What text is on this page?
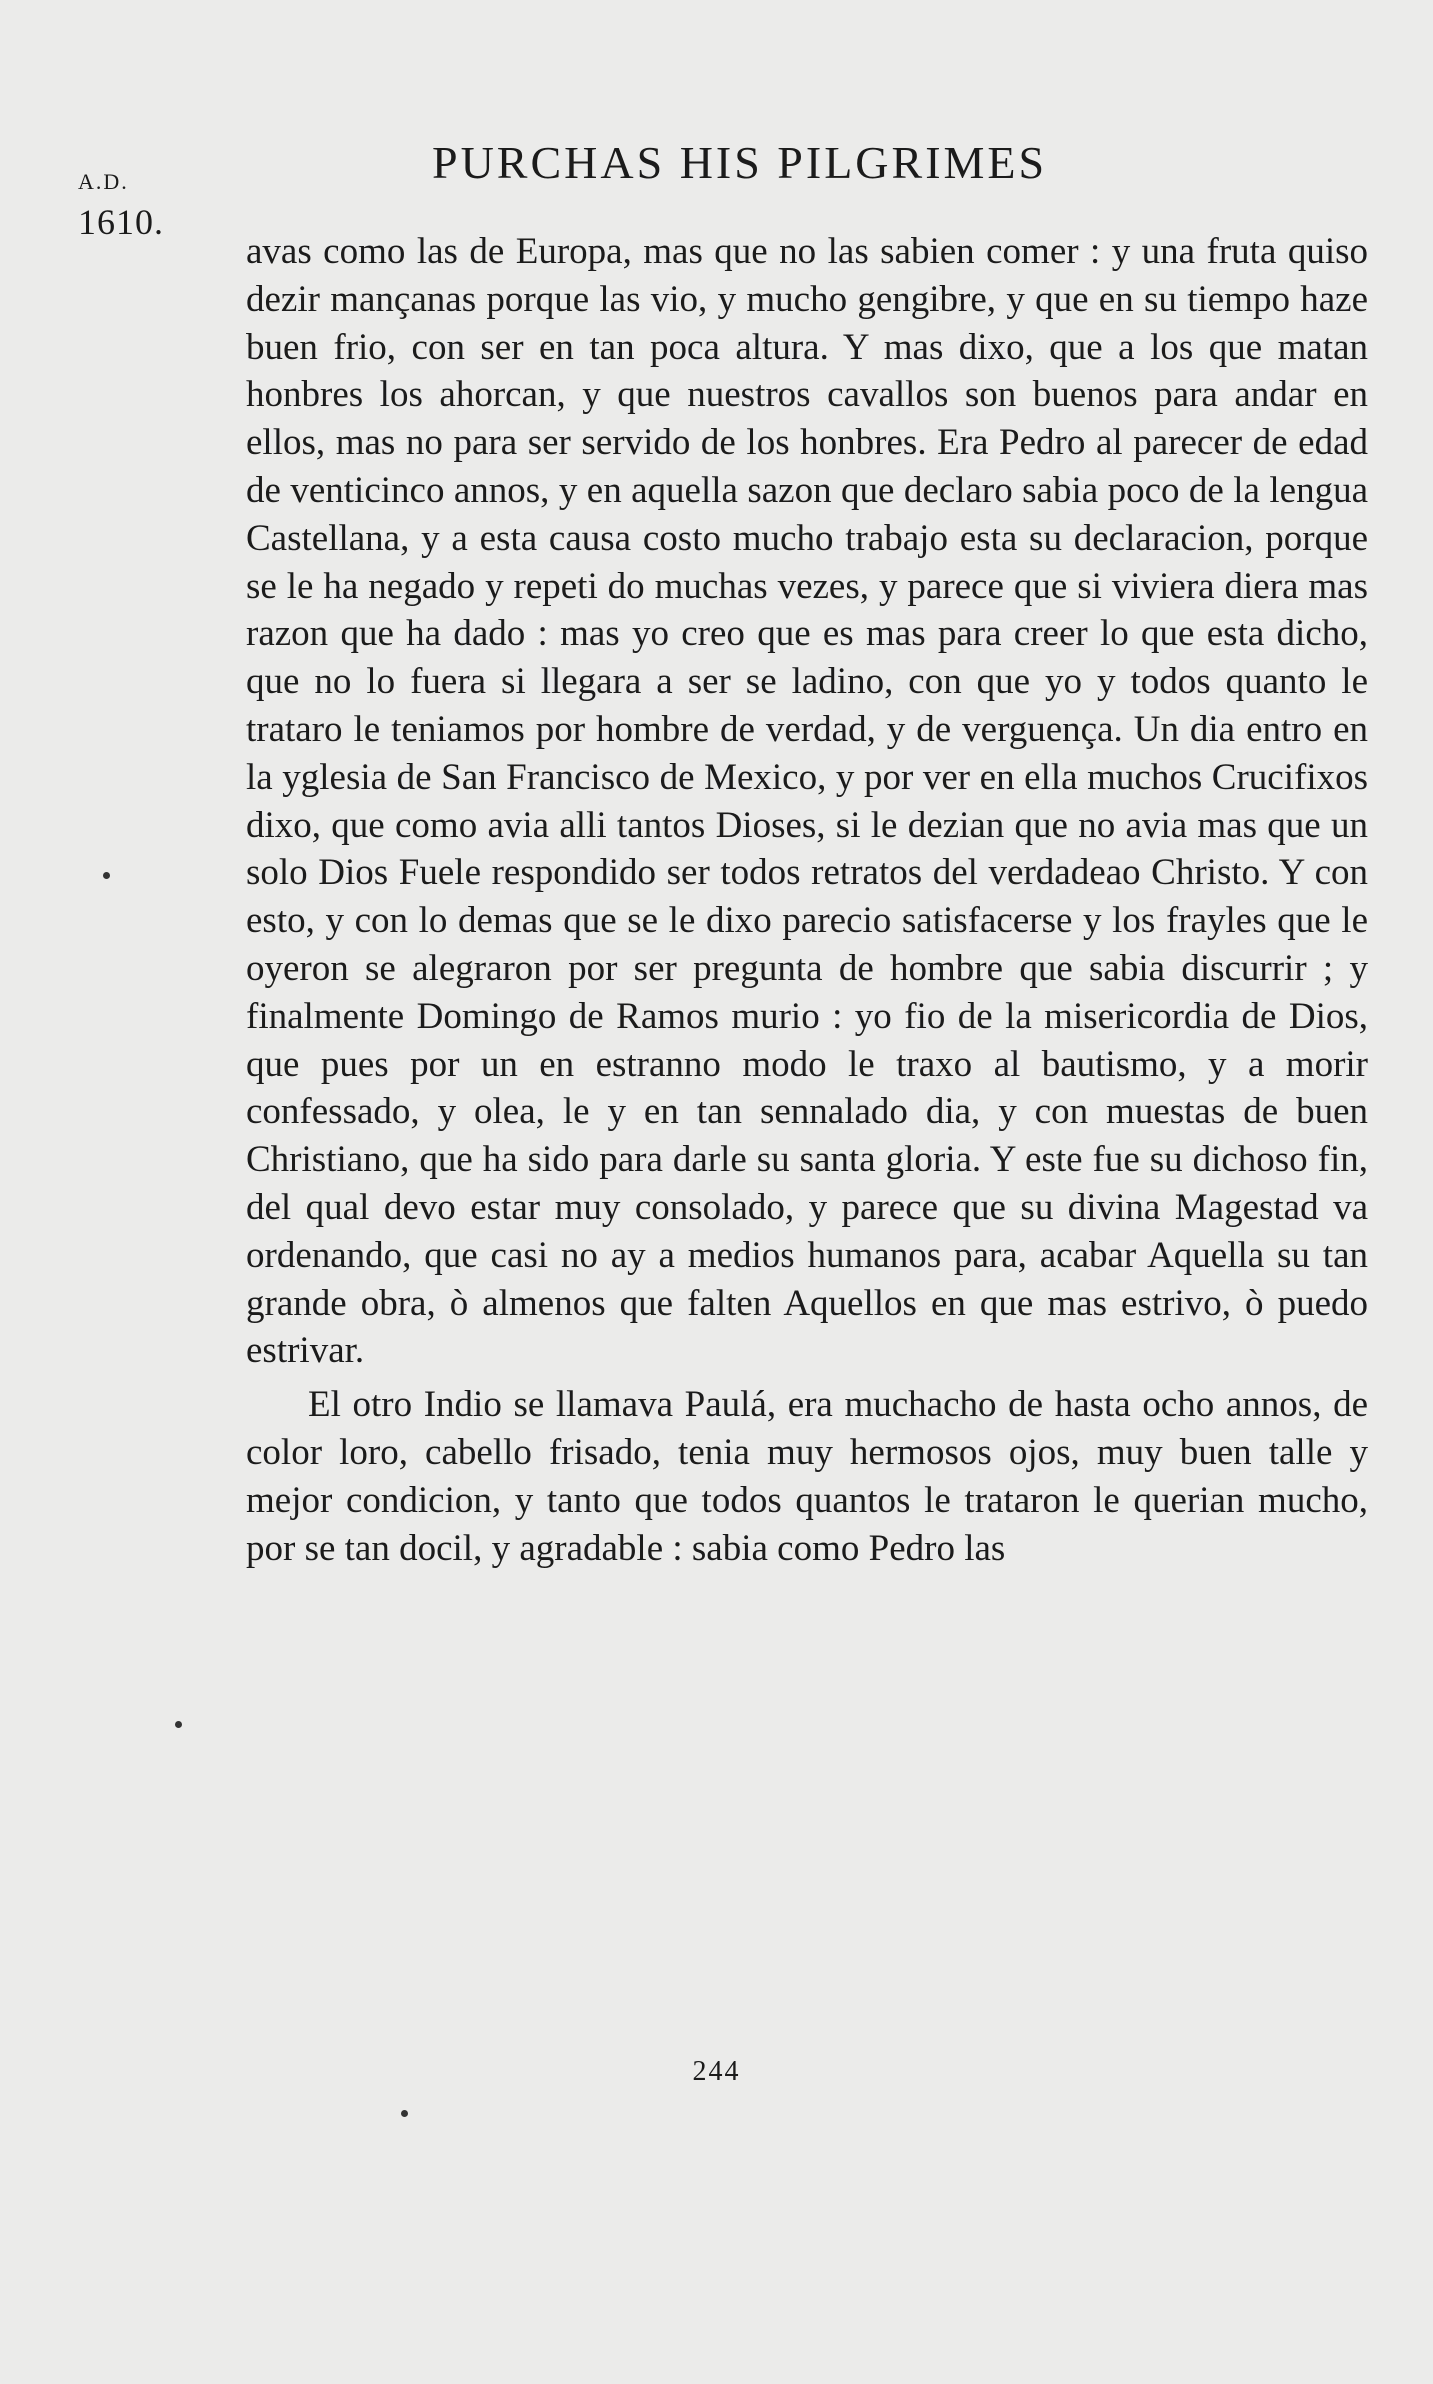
A.D.
1610.
PURCHAS HIS PILGRIMES

avas como las de Europa, mas que no las sabien comer : y una fruta quiso dezir mançanas porque las vio, y mucho gengibre, y que en su tiempo haze buen frio, con ser en tan poca altura. Y mas dixo, que a los que matan honbres los ahorcan, y que nuestros cavallos son buenos para andar en ellos, mas no para ser servido de los honbres. Era Pedro al parecer de edad de venticinco annos, y en aquella sazon que declaro sabia poco de la lengua Castellana, y a esta causa costo mucho trabajo esta su declaracion, porque se le ha negado y repeti do muchas vezes, y parece que si viviera diera mas razon que ha dado : mas yo creo que es mas para creer lo que esta dicho, que no lo fuera si llegara a ser se ladino, con que yo y todos quanto le trataro le teniamos por hombre de verdad, y de verguença. Un dia entro en la yglesia de San Francisco de Mexico, y por ver en ella muchos Crucifixos dixo, que como avia alli tantos Dioses, si le dezian que no avia mas que un solo Dios Fuele respondido ser todos retratos del verdadeao Christo. Y con esto, y con lo demas que se le dixo parecio satisfacerse y los frayles que le oyeron se alegraron por ser pregunta de hombre que sabia discurrir ; y finalmente Domingo de Ramos murio : yo fio de la misericordia de Dios, que pues por un en estranno modo le traxo al bautismo, y a morir confessado, y olea, le y en tan sennalado dia, y con muestas de buen Christiano, que ha sido para darle su santa gloria. Y este fue su dichoso fin, del qual devo estar muy consolado, y parece que su divina Magestad va ordenando, que casi no ay a medios humanos para, acabar Aquella su tan grande obra, ò almenos que falten Aquellos en que mas estrivo, ò puedo estrivar.

El otro Indio se llamava Paulá, era muchacho de hasta ocho annos, de color loro, cabello frisado, tenia muy hermosos ojos, muy buen talle y mejor condicion, y tanto que todos quantos le trataron le querian mucho, por se tan docil, y agradable : sabia como Pedro las

244
